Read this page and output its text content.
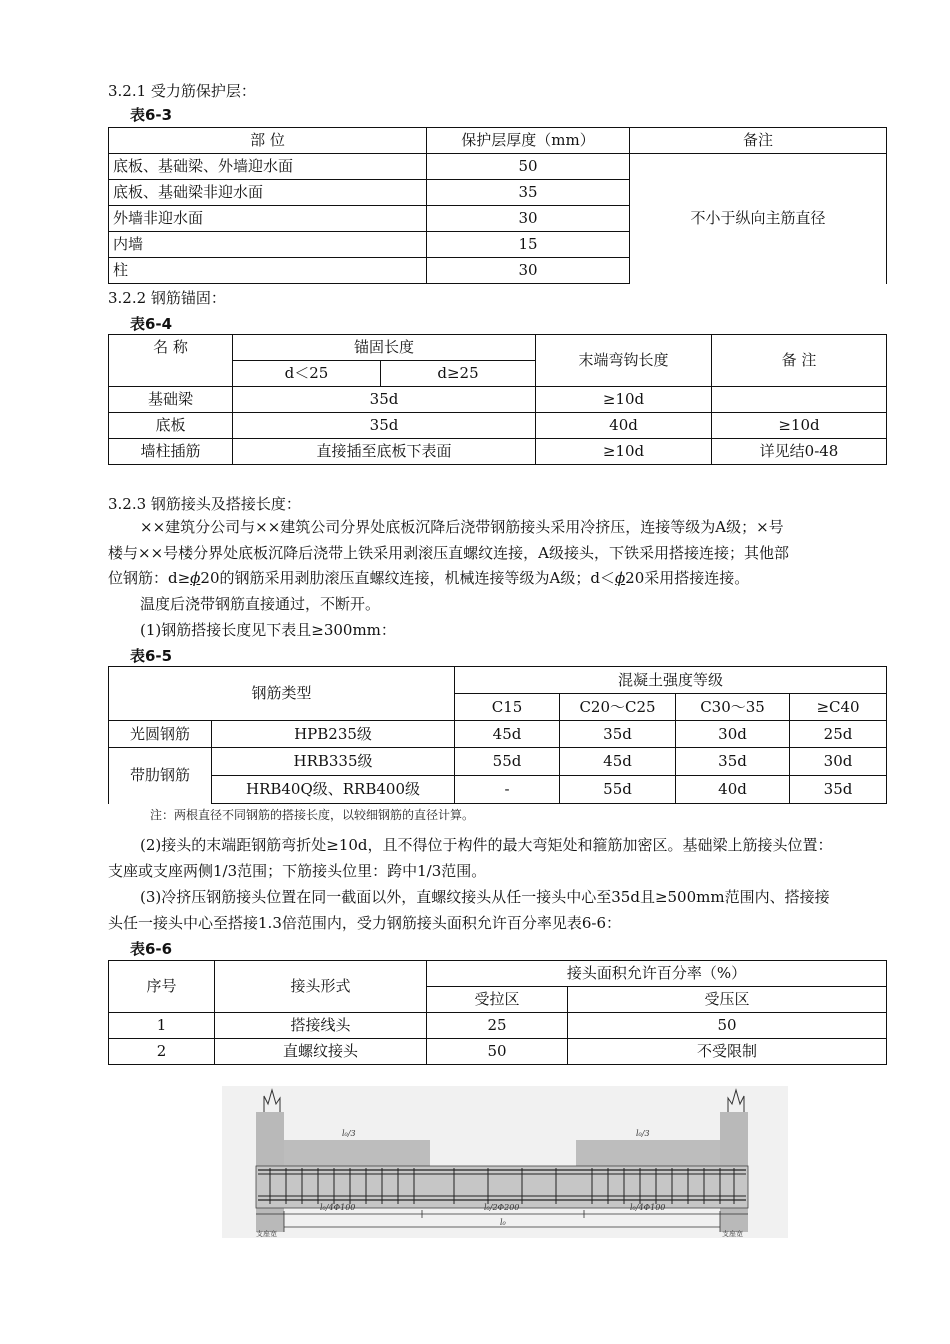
3.2.1 受力筋保护层：
表6-3
部 位	保护层厚度（mm）	备注
底板、基础梁、外墙迎水面	50	不小于纵向主筋直径
底板、基础梁非迎水面	35	
外墙非迎水面	30	
内墙	15	
柱	30	
3.2.2 钢筋锚固：
表6-4
名 称	锚固长度		末端弯钩长度	备 注
	d＜25	d≥25		
基础梁	35d		≥10d	
底板	35d		40d	≥10d
墙柱插筋	直接插至底板下表面		≥10d	详见结0-48
3.2.3 钢筋接头及搭接长度：
××建筑分公司与××建筑公司分界处底板沉降后浇带钢筋接头采用冷挤压，连接等级为A级；×号
楼与××号楼分界处底板沉降后浇带上铁采用剥滚压直螺纹连接，A级接头，下铁采用搭接连接；其他部
位钢筋：d≥ϕ20的钢筋采用剥肋滚压直螺纹连接，机械连接等级为A级；d＜ϕ20采用搭接连接。
温度后浇带钢筋直接通过，不断开。
(1)钢筋搭接长度见下表且≥300mm：
表6-5
钢筋类型		混凝土强度等级			
		C15	C20～C25	C30～35	≥C40
光圆钢筋	HPB235级	45d	35d	30d	25d
带肋钢筋	HRB335级	55d	45d	35d	30d
	HRB40Q级、RRB400级	-	55d	40d	35d
注：两根直径不同钢筋的搭接长度，以较细钢筋的直径计算。
(2)接头的末端距钢筋弯折处≥10d，且不得位于构件的最大弯矩处和箍筋加密区。基础梁上筋接头位置：
支座或支座两侧1/3范围；下筋接头位里：跨中1/3范围。
(3)冷挤压钢筋接头位置在同一截面以外，直螺纹接头从任一接头中心至35d且≥500mm范围内、搭接接
头任一接头中心至搭接1.3倍范围内，受力钢筋接头面积允许百分率见表6-6：
表6-6
序号	接头形式	接头面积允许百分率（%）	
		受拉区	受压区
1	搭接线头	25	50
2	直螺纹接头	50	不受限制
l₀/3	l₀/3
l₀/4Φ100	l₀/2Φ200	l₀/4Φ100
l₀
支座宽	支座宽
